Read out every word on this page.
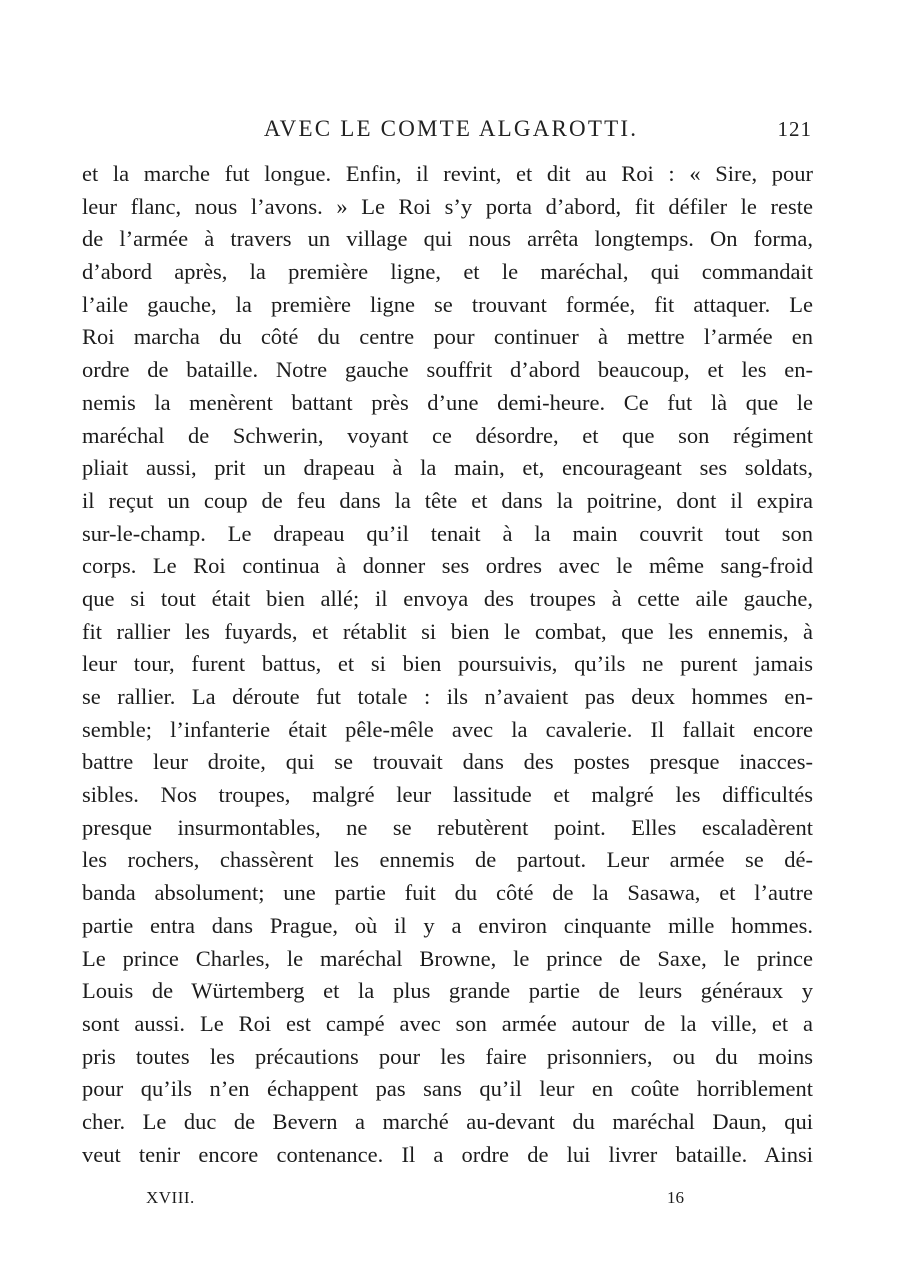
AVEC LE COMTE ALGAROTTI.	121
et la marche fut longue. Enfin, il revint, et dit au Roi : « Sire, pour
leur flanc, nous l’avons. » Le Roi s’y porta d’abord, fit défiler le reste
de l’armée à travers un village qui nous arrêta longtemps. On forma,
d’abord après, la première ligne, et le maréchal, qui commandait
l’aile gauche, la première ligne se trouvant formée, fit attaquer. Le
Roi marcha du côté du centre pour continuer à mettre l’armée en
ordre de bataille. Notre gauche souffrit d’abord beaucoup, et les en-
nemis la menèrent battant près d’une demi-heure. Ce fut là que le
maréchal de Schwerin, voyant ce désordre, et que son régiment
pliait aussi, prit un drapeau à la main, et, encourageant ses soldats,
il reçut un coup de feu dans la tête et dans la poitrine, dont il expira
sur-le-champ. Le drapeau qu’il tenait à la main couvrit tout son
corps. Le Roi continua à donner ses ordres avec le même sang-froid
que si tout était bien allé; il envoya des troupes à cette aile gauche,
fit rallier les fuyards, et rétablit si bien le combat, que les ennemis, à
leur tour, furent battus, et si bien poursuivis, qu’ils ne purent jamais
se rallier. La déroute fut totale : ils n’avaient pas deux hommes en-
semble; l’infanterie était pêle-mêle avec la cavalerie. Il fallait encore
battre leur droite, qui se trouvait dans des postes presque inacces-
sibles. Nos troupes, malgré leur lassitude et malgré les difficultés
presque insurmontables, ne se rebutèrent point. Elles escaladèrent
les rochers, chassèrent les ennemis de partout. Leur armée se dé-
banda absolument; une partie fuit du côté de la Sasawa, et l’autre
partie entra dans Prague, où il y a environ cinquante mille hommes.
Le prince Charles, le maréchal Browne, le prince de Saxe, le prince
Louis de Würtemberg et la plus grande partie de leurs généraux y
sont aussi. Le Roi est campé avec son armée autour de la ville, et a
pris toutes les précautions pour les faire prisonniers, ou du moins
pour qu’ils n’en échappent pas sans qu’il leur en coûte horriblement
cher. Le duc de Bevern a marché au-devant du maréchal Daun, qui
veut tenir encore contenance. Il a ordre de lui livrer bataille. Ainsi
XVIII.	16
